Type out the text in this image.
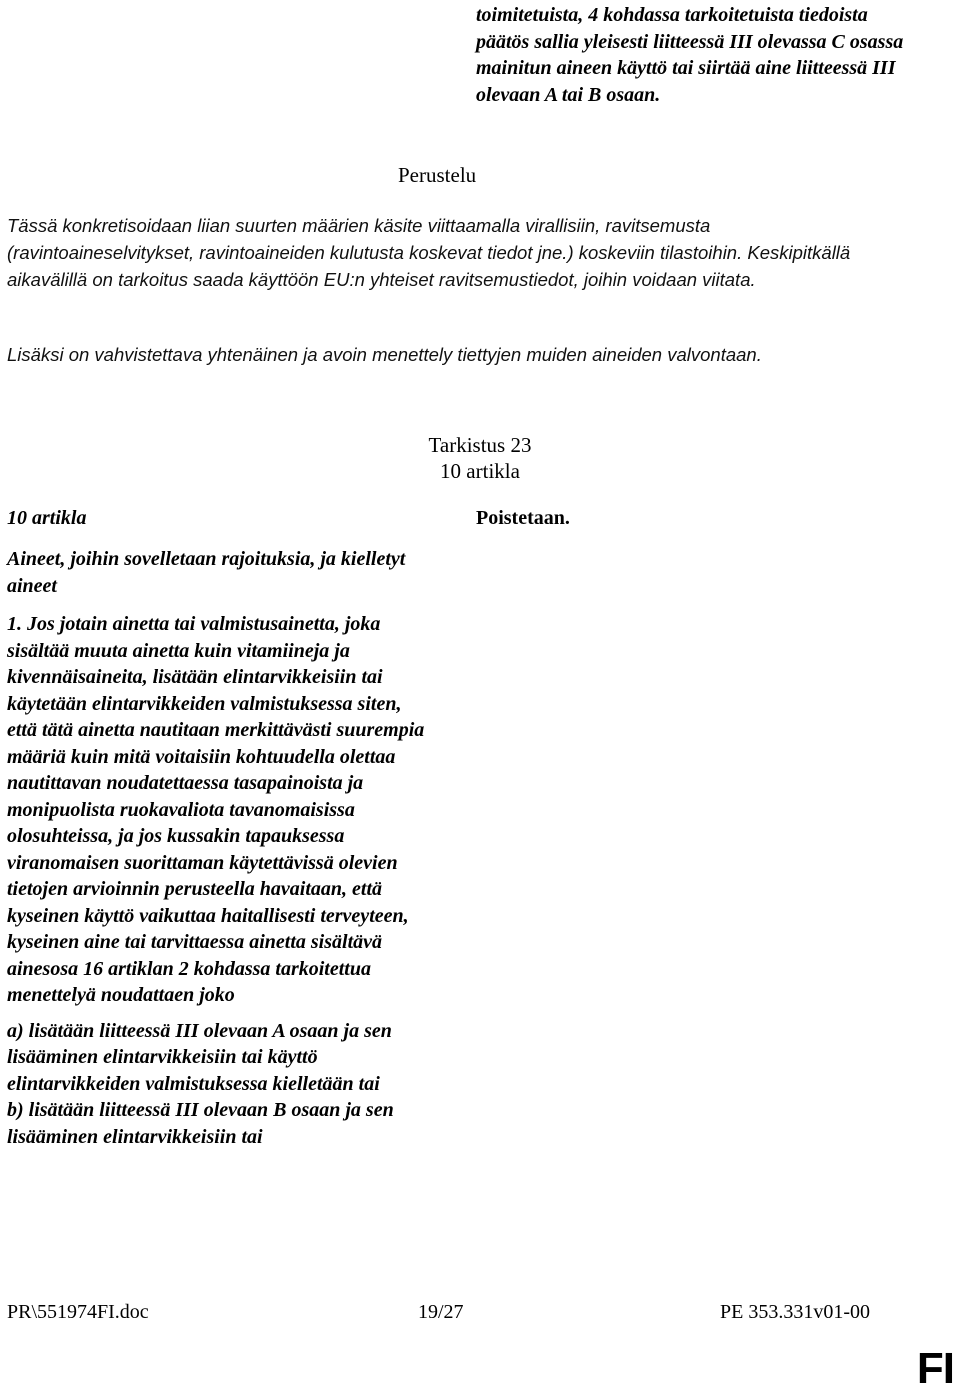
toimitetuista, 4 kohdassa tarkoitetuista tiedoista päätös sallia yleisesti liitteessä III olevassa C osassa mainitun aineen käyttö tai siirtää aine liitteessä III olevaan A tai B osaan.
Perustelu
Tässä konkretisoidaan liian suurten määrien käsite viittaamalla virallisiin, ravitsemusta (ravintoaineselvitykset, ravintoaineiden kulutusta koskevat tiedot jne.) koskeviin tilastoihin. Keskipitkällä aikavälillä on tarkoitus saada käyttöön EU:n yhteiset ravitsemustiedot, joihin voidaan viitata.
Lisäksi on vahvistettava yhtenäinen ja avoin menettely tiettyjen muiden aineiden valvontaan.
Tarkistus 23
10 artikla
10 artikla	Poistetaan.
Aineet, joihin sovelletaan rajoituksia, ja kielletyt aineet

1. Jos jotain ainetta tai valmistusainetta, joka sisältää muuta ainetta kuin vitamiineja ja kivennäisaineita, lisätään elintarvikkeisiin tai käytetään elintarvikkeiden valmistuksessa siten, että tätä ainetta nautitaan merkittävästi suurempia määriä kuin mitä voitaisiin kohtuudella olettaa nautittavan noudatettaessa tasapainoista ja monipuolista ruokavaliota tavanomaisissa olosuhteissa, ja jos kussakin tapauksessa viranomaisen suorittaman käytettävissä olevien tietojen arvioinnin perusteella havaitaan, että kyseinen käyttö vaikuttaa haitallisesti terveyteen, kyseinen aine tai tarvittaessa ainetta sisältävä ainesosa 16 artiklan 2 kohdassa tarkoitettua menettelyä noudattaen joko

a) lisätään liitteessä III olevaan A osaan ja sen lisääminen elintarvikkeisiin tai käyttö elintarvikkeiden valmistuksessa kielletään tai

b) lisätään liitteessä III olevaan B osaan ja sen lisääminen elintarvikkeisiin tai

PR\551974FI.doc	19/27	PE 353.331v01-00
FI
